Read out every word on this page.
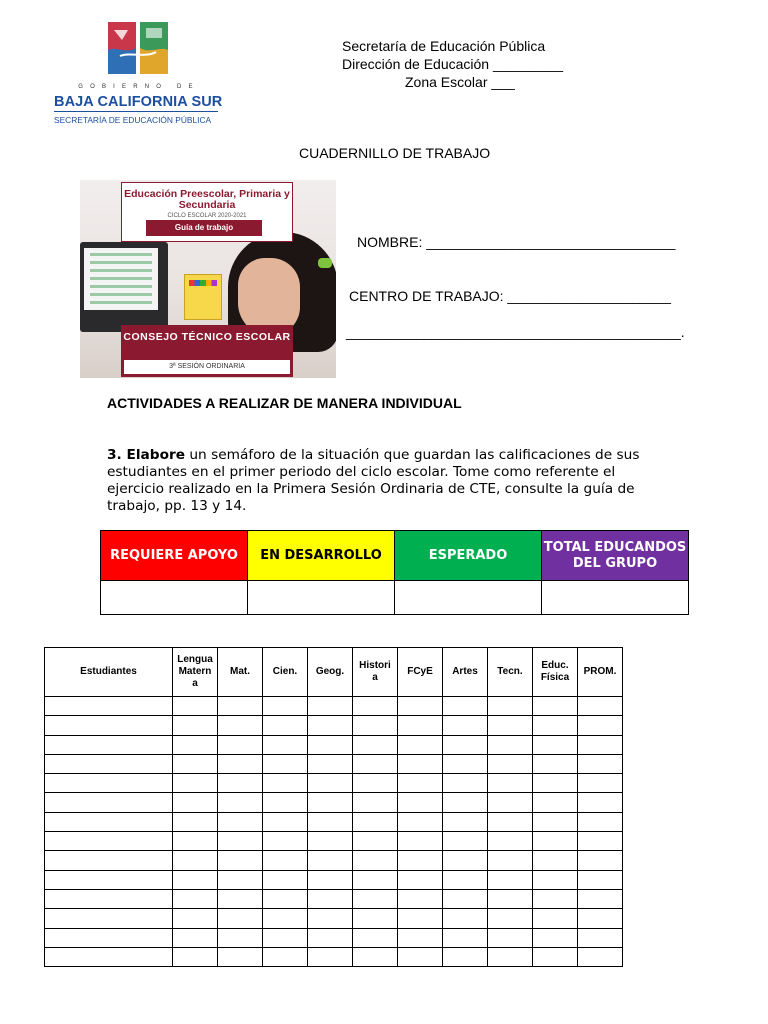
GOBIERNO DE
BAJA CALIFORNIA SUR
SECRETARÍA DE EDUCACIÓN PÚBLICA
Secretaría de Educación Pública
Dirección de Educación _________
Zona Escolar ___
CUADERNILLO DE TRABAJO
Educación Preescolar, Primaria y Secundaria
CICLO ESCOLAR 2020-2021
Guía de trabajo
CONSEJO TÉCNICO ESCOLAR
3ª SESIÓN ORDINARIA
NOMBRE: ________________________________
CENTRO DE TRABAJO: _____________________
___________________________________________.
ACTIVIDADES A REALIZAR DE MANERA INDIVIDUAL
3. Elabore un semáforo de la situación que guardan las calificaciones de sus estudiantes en el primer periodo del ciclo escolar. Tome como referente el ejercicio realizado en la Primera Sesión Ordinaria de CTE, consulte la guía de trabajo, pp. 13 y 14.
REQUIERE APOYO	EN DESARROLLO	ESPERADO	TOTAL EDUCANDOS DEL GRUPO

Estudiantes	Lengua Materna	Mat.	Cien.	Geog.	Historia	FCyE	Artes	Tecn.	Educ. Física	PROM.
